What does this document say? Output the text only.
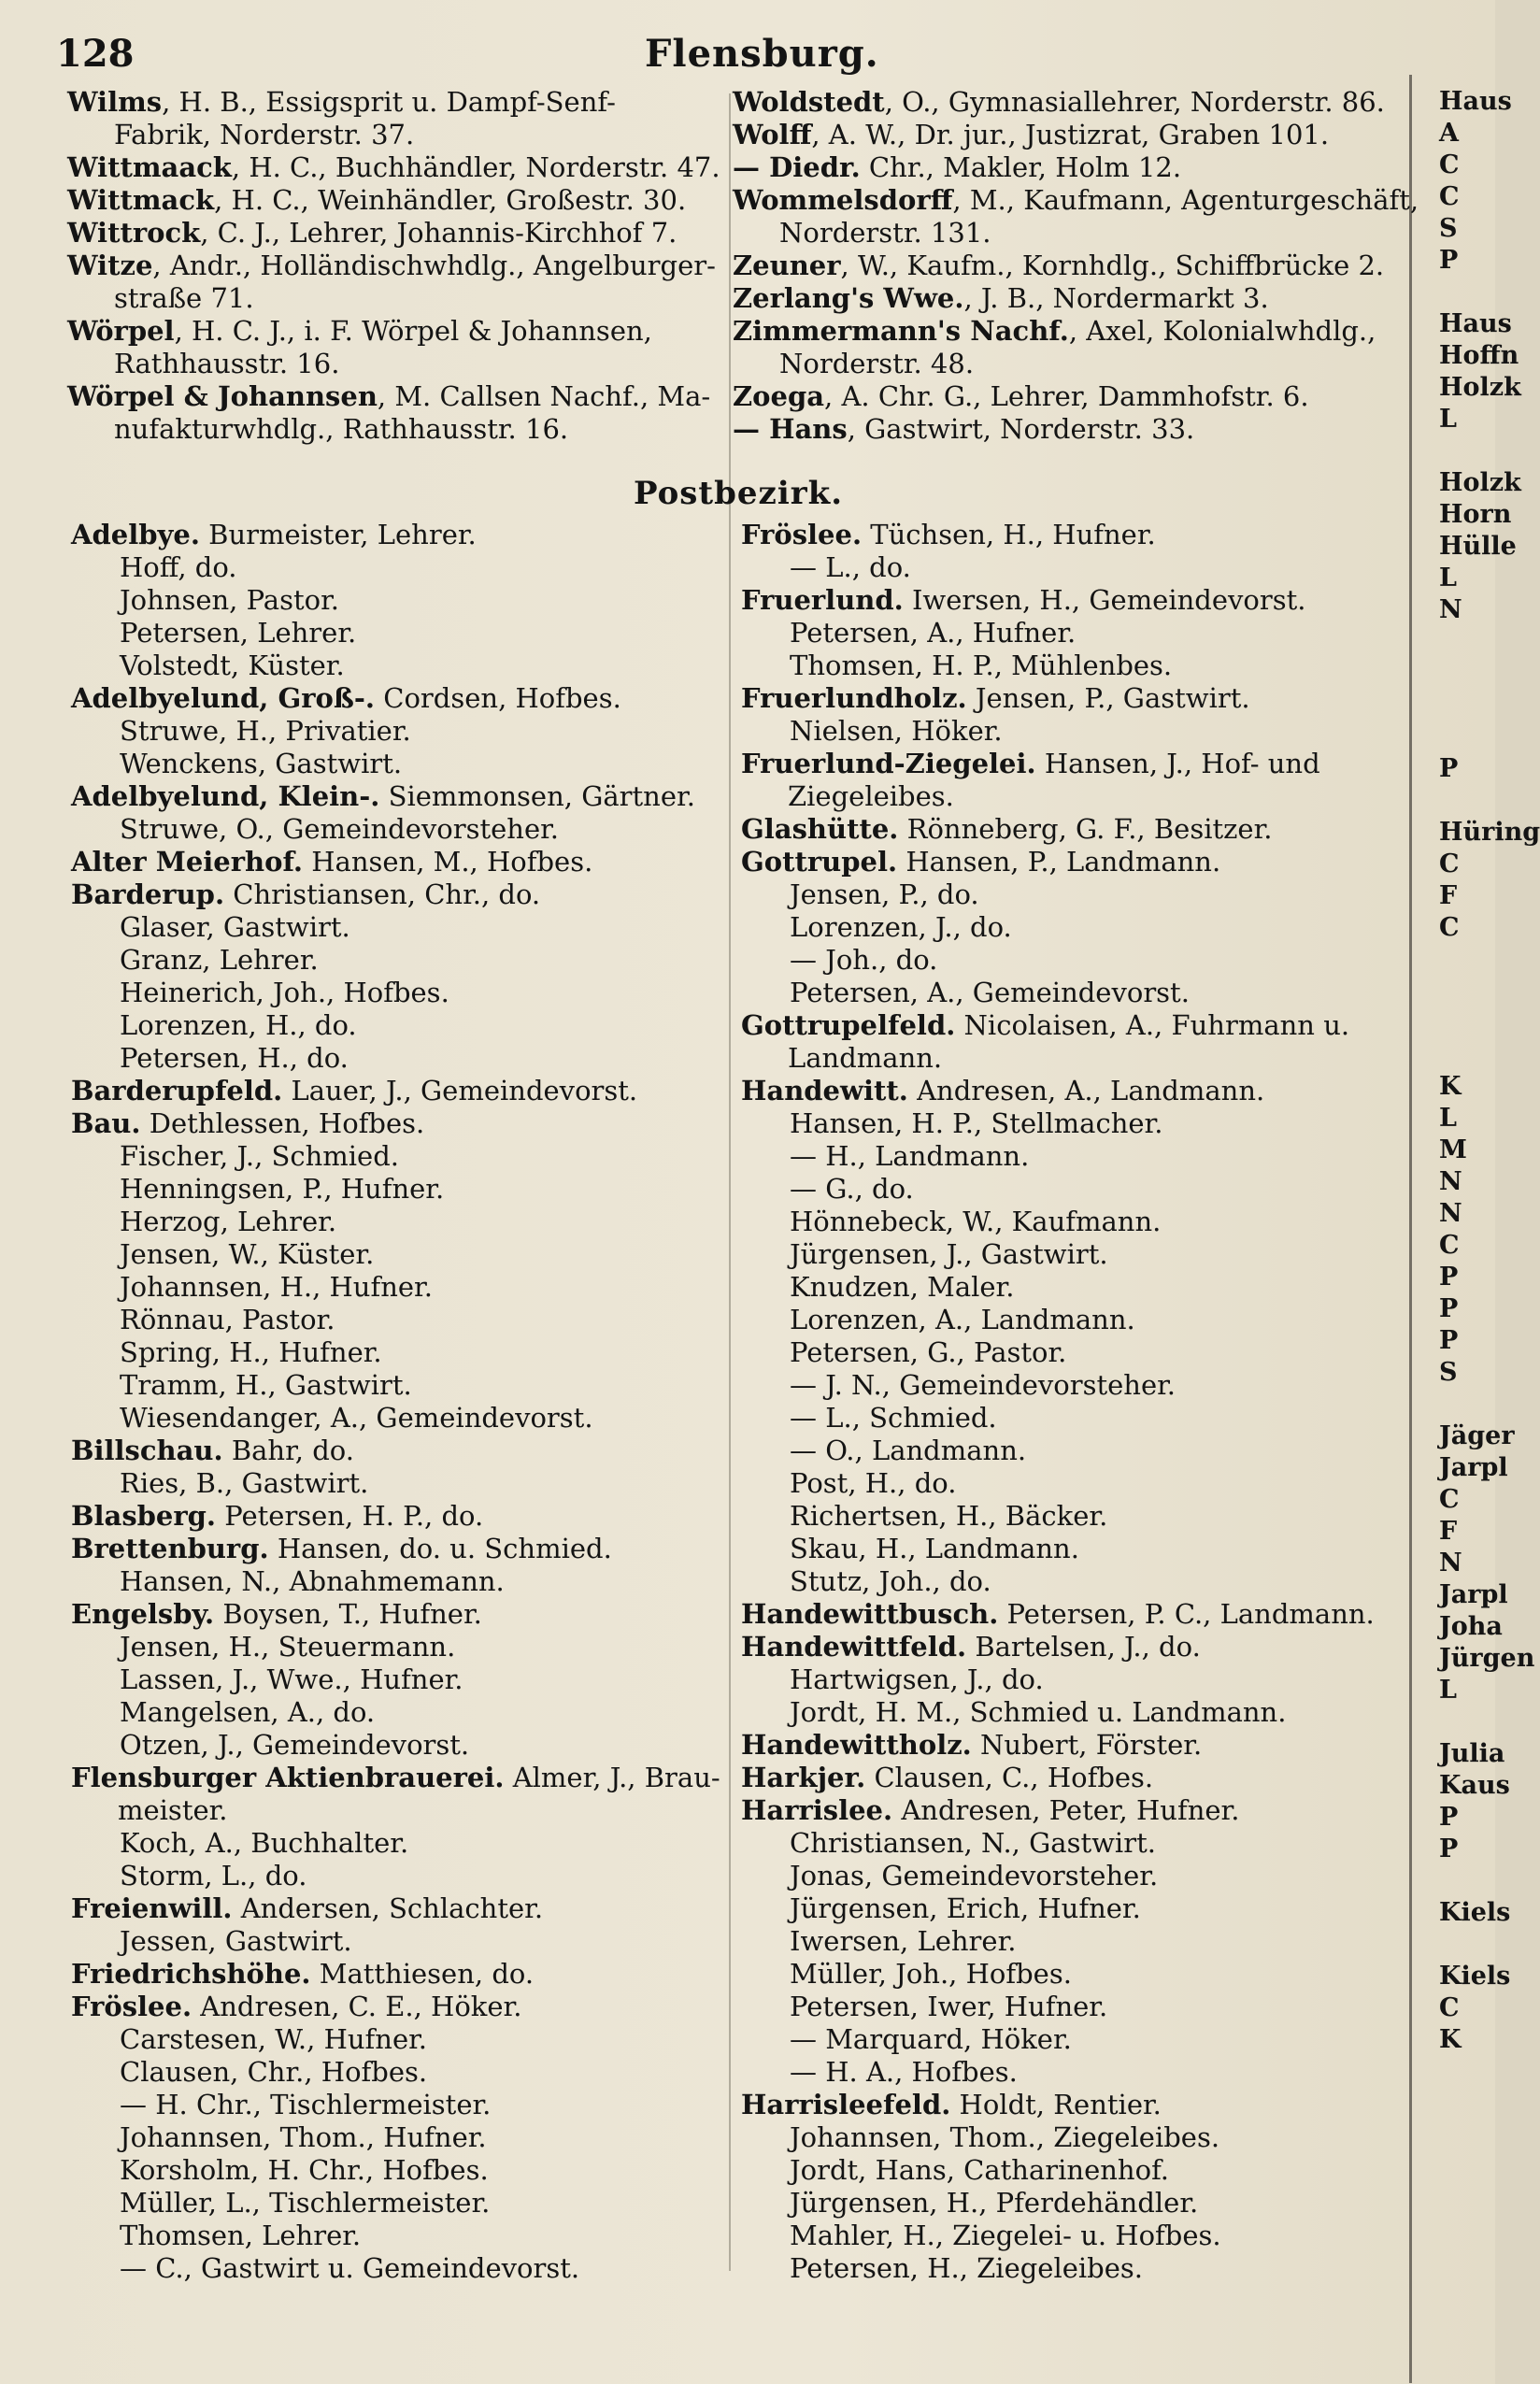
128	Flensburg.
Wilms, H. B., Essigsprit u. Dampf-Senf-
Fabrik, Norderstr. 37.
Wittmaack, H. C., Buchhändler, Norderstr. 47.
Wittmack, H. C., Weinhändler, Großestr. 30.
Wittrock, C. J., Lehrer, Johannis-Kirchhof 7.
Witze, Andr., Holländischwhdlg., Angelburger-
straße 71.
Wörpel, H. C. J., i. F. Wörpel & Johannsen,
Rathhausstr. 16.
Wörpel & Johannsen, M. Callsen Nachf., Ma-
nufakturwhdlg., Rathhausstr. 16.
Woldstedt, O., Gymnasiallehrer, Norderstr. 86.
Wolff, A. W., Dr. jur., Justizrat, Graben 101.
— Diedr. Chr., Makler, Holm 12.
Wommelsdorff, M., Kaufmann, Agenturgeschäft,
Norderstr. 131.
Zeuner, W., Kaufm., Kornhdlg., Schiffbrücke 2.
Zerlang's Wwe., J. B., Nordermarkt 3.
Zimmermann's Nachf., Axel, Kolonialwhdlg.,
Norderstr. 48.
Zoega, A. Chr. G., Lehrer, Dammhofstr. 6.
— Hans, Gastwirt, Norderstr. 33.
Postbezirk.
Adelbye. Burmeister, Lehrer.
Hoff, do.
Johnsen, Pastor.
Petersen, Lehrer.
Volstedt, Küster.
Adelbyelund, Groß-. Cordsen, Hofbes.
Struwe, H., Privatier.
Wenckens, Gastwirt.
Adelbyelund, Klein-. Siemmonsen, Gärtner.
Struwe, O., Gemeindevorsteher.
Alter Meierhof. Hansen, M., Hofbes.
Barderup. Christiansen, Chr., do.
Glaser, Gastwirt.
Granz, Lehrer.
Heinerich, Joh., Hofbes.
Lorenzen, H., do.
Petersen, H., do.
Barderupfeld. Lauer, J., Gemeindevorst.
Bau. Dethlessen, Hofbes.
Fischer, J., Schmied.
Henningsen, P., Hufner.
Herzog, Lehrer.
Jensen, W., Küster.
Johannsen, H., Hufner.
Rönnau, Pastor.
Spring, H., Hufner.
Tramm, H., Gastwirt.
Wiesendanger, A., Gemeindevorst.
Billschau. Bahr, do.
Ries, B., Gastwirt.
Blasberg. Petersen, H. P., do.
Brettenburg. Hansen, do. u. Schmied.
Hansen, N., Abnahmemann.
Engelsby. Boysen, T., Hufner.
Jensen, H., Steuermann.
Lassen, J., Wwe., Hufner.
Mangelsen, A., do.
Otzen, J., Gemeindevorst.
Flensburger Aktienbrauerei. Almer, J., Brau-
meister.
Koch, A., Buchhalter.
Storm, L., do.
Freienwill. Andersen, Schlachter.
Jessen, Gastwirt.
Friedrichshöhe. Matthiesen, do.
Fröslee. Andresen, C. E., Höker.
Carstesen, W., Hufner.
Clausen, Chr., Hofbes.
— H. Chr., Tischlermeister.
Johannsen, Thom., Hufner.
Korsholm, H. Chr., Hofbes.
Müller, L., Tischlermeister.
Thomsen, Lehrer.
— C., Gastwirt u. Gemeindevorst.
Fröslee. Tüchsen, H., Hufner.
— L., do.
Fruerlund. Iwersen, H., Gemeindevorst.
Petersen, A., Hufner.
Thomsen, H. P., Mühlenbes.
Fruerlundholz. Jensen, P., Gastwirt.
Nielsen, Höker.
Fruerlund-Ziegelei. Hansen, J., Hof- und
Ziegeleibes.
Glashütte. Rönneberg, G. F., Besitzer.
Gottrupel. Hansen, P., Landmann.
Jensen, P., do.
Lorenzen, J., do.
— Joh., do.
Petersen, A., Gemeindevorst.
Gottrupelfeld. Nicolaisen, A., Fuhrmann u.
Landmann.
Handewitt. Andresen, A., Landmann.
Hansen, H. P., Stellmacher.
— H., Landmann.
— G., do.
Hönnebeck, W., Kaufmann.
Jürgensen, J., Gastwirt.
Knudzen, Maler.
Lorenzen, A., Landmann.
Petersen, G., Pastor.
— J. N., Gemeindevorsteher.
— L., Schmied.
— O., Landmann.
Post, H., do.
Richertsen, H., Bäcker.
Skau, H., Landmann.
Stutz, Joh., do.
Handewittbusch. Petersen, P. C., Landmann.
Handewittfeld. Bartelsen, J., do.
Hartwigsen, J., do.
Jordt, H. M., Schmied u. Landmann.
Handewittholz. Nubert, Förster.
Harkjer. Clausen, C., Hofbes.
Harrislee. Andresen, Peter, Hufner.
Christiansen, N., Gastwirt.
Jonas, Gemeindevorsteher.
Jürgensen, Erich, Hufner.
Iwersen, Lehrer.
Müller, Joh., Hofbes.
Petersen, Iwer, Hufner.
— Marquard, Höker.
— H. A., Hofbes.
Harrisleefeld. Holdt, Rentier.
Johannsen, Thom., Ziegeleibes.
Jordt, Hans, Catharinenhof.
Jürgensen, H., Pferdehändler.
Mahler, H., Ziegelei- u. Hofbes.
Petersen, H., Ziegeleibes.
Haus
A
C
C
S
P

Haus
Hoffn
Holzk
L

Holzk
Horn
Hülle
L
N

P

Hüring
C
F
C

K
L
M
N
N
C
P
P
P
S

Jäger
Jarpl
C
F
N
Jarpl
Joha
Jürgen
L

Julia
Kaus
P
P

Kiels

Kiels
C
K
